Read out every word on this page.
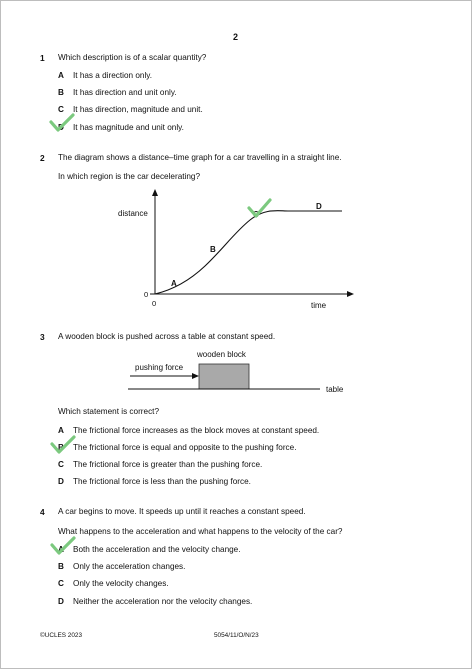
2
1 Which description is of a scalar quantity?
A It has a direction only.
B It has direction and unit only.
C It has direction, magnitude and unit.
D It has magnitude and unit only.
2 The diagram shows a distance–time graph for a car travelling in a straight line.
In which region is the car decelerating?
distance
time
0
0
A
B
C
D
3 A wooden block is pushed across a table at constant speed.
wooden block
pushing force
table
Which statement is correct?
A The frictional force increases as the block moves at constant speed.
B The frictional force is equal and opposite to the pushing force.
C The frictional force is greater than the pushing force.
D The frictional force is less than the pushing force.
4 A car begins to move. It speeds up until it reaches a constant speed.
What happens to the acceleration and what happens to the velocity of the car?
A Both the acceleration and the velocity change.
B Only the acceleration changes.
C Only the velocity changes.
D Neither the acceleration nor the velocity changes.
©UCLES 2023	5054/11/O/N/23
